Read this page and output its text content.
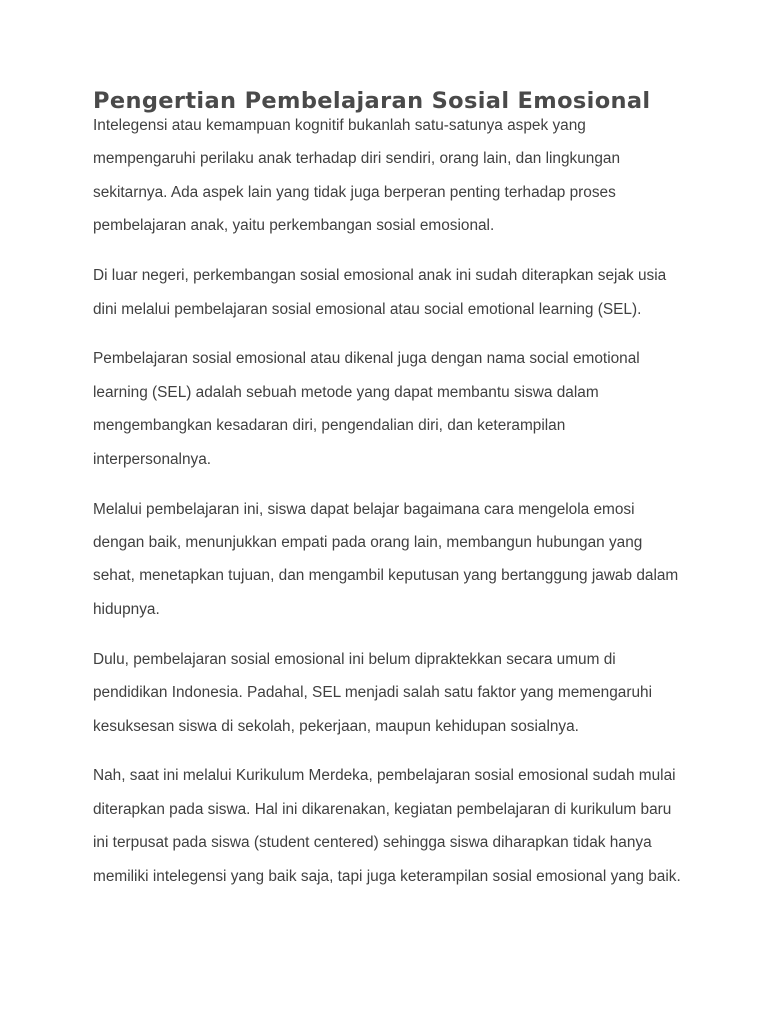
Pengertian Pembelajaran Sosial Emosional

Intelegensi atau kemampuan kognitif bukanlah satu-satunya aspek yang mempengaruhi perilaku anak terhadap diri sendiri, orang lain, dan lingkungan sekitarnya. Ada aspek lain yang tidak juga berperan penting terhadap proses pembelajaran anak, yaitu perkembangan sosial emosional.

Di luar negeri, perkembangan sosial emosional anak ini sudah diterapkan sejak usia dini melalui pembelajaran sosial emosional atau social emotional learning (SEL).

Pembelajaran sosial emosional atau dikenal juga dengan nama social emotional learning (SEL) adalah sebuah metode yang dapat membantu siswa dalam mengembangkan kesadaran diri, pengendalian diri, dan keterampilan interpersonalnya.

Melalui pembelajaran ini, siswa dapat belajar bagaimana cara mengelola emosi dengan baik, menunjukkan empati pada orang lain, membangun hubungan yang sehat, menetapkan tujuan, dan mengambil keputusan yang bertanggung jawab dalam hidupnya.

Dulu, pembelajaran sosial emosional ini belum dipraktekkan secara umum di pendidikan Indonesia. Padahal, SEL menjadi salah satu faktor yang memengaruhi kesuksesan siswa di sekolah, pekerjaan, maupun kehidupan sosialnya.

Nah, saat ini melalui Kurikulum Merdeka, pembelajaran sosial emosional sudah mulai diterapkan pada siswa. Hal ini dikarenakan, kegiatan pembelajaran di kurikulum baru ini terpusat pada siswa (student centered) sehingga siswa diharapkan tidak hanya memiliki intelegensi yang baik saja, tapi juga keterampilan sosial emosional yang baik.
